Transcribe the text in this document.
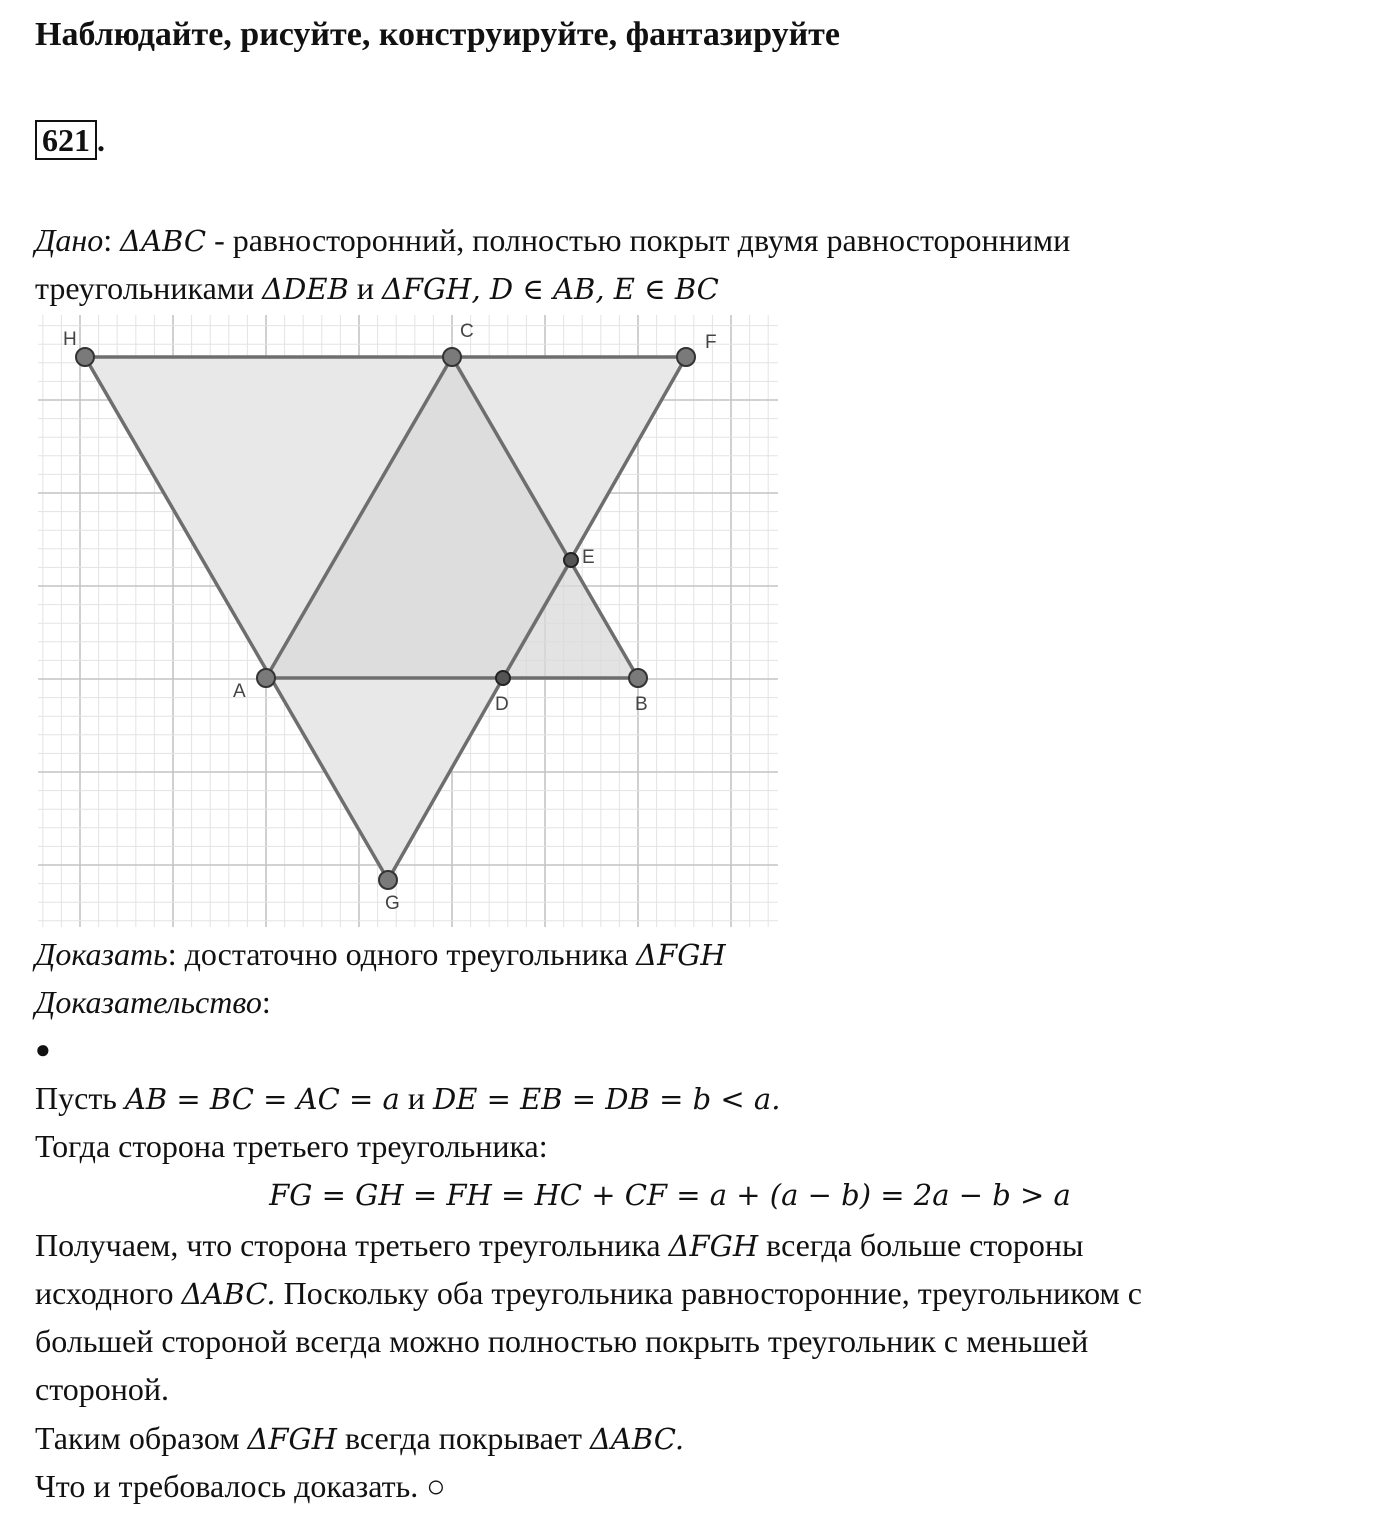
Наблюдайте, рисуйте, конструируйте, фантазируйте
621 .
Дано: ΔABC - равносторонний, полностью покрыт двумя равносторонними
треугольниками ΔDEB и ΔFGH, D ∈ AB, E ∈ BC
H	C
F
E
A
D	B
G
Доказать: достаточно одного треугольника ΔFGH
Доказательство:
●
Пусть AB = BC = AC = a и DE = EB = DB = b < a.
Тогда сторона третьего треугольника:
FG = GH = FH = HC + CF = a + (a − b) = 2a − b > a
Получаем, что сторона третьего треугольника ΔFGH всегда больше стороны
исходного ΔABC. Поскольку оба треугольника равносторонние, треугольником с
большей стороной всегда можно полностью покрыть треугольник с меньшей
стороной.
Таким образом ΔFGH всегда покрывает ΔABC.
Что и требовалось доказать. ○
